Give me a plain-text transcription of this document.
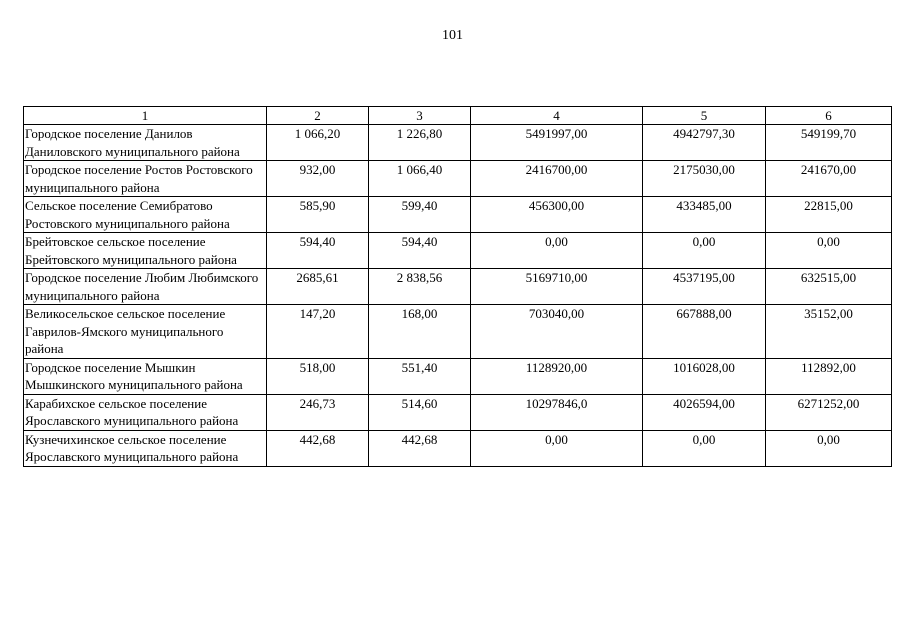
101
1	2	3	4	5	6
Городское поселение Данилов Даниловского муниципального района	1 066,20	1 226,80	5491997,00	4942797,30	549199,70
Городское поселение Ростов Ростовского муниципального района	932,00	1 066,40	2416700,00	2175030,00	241670,00
Сельское поселение Семибратово Ростовского муниципального района	585,90	599,40	456300,00	433485,00	22815,00
Брейтовское сельское поселение Брейтовского муниципального района	594,40	594,40	0,00	0,00	0,00
Городское поселение Любим Любимского муниципального района	2685,61	2 838,56	5169710,00	4537195,00	632515,00
Великосельское сельское поселение Гаврилов-Ямского муниципального района	147,20	168,00	703040,00	667888,00	35152,00
Городское поселение Мышкин Мышкинского муниципального района	518,00	551,40	1128920,00	1016028,00	112892,00
Карабихское сельское поселение Ярославского муниципального района	246,73	514,60	10297846,0	4026594,00	6271252,00
Кузнечихинское сельское поселение Ярославского муниципального района	442,68	442,68	0,00	0,00	0,00
